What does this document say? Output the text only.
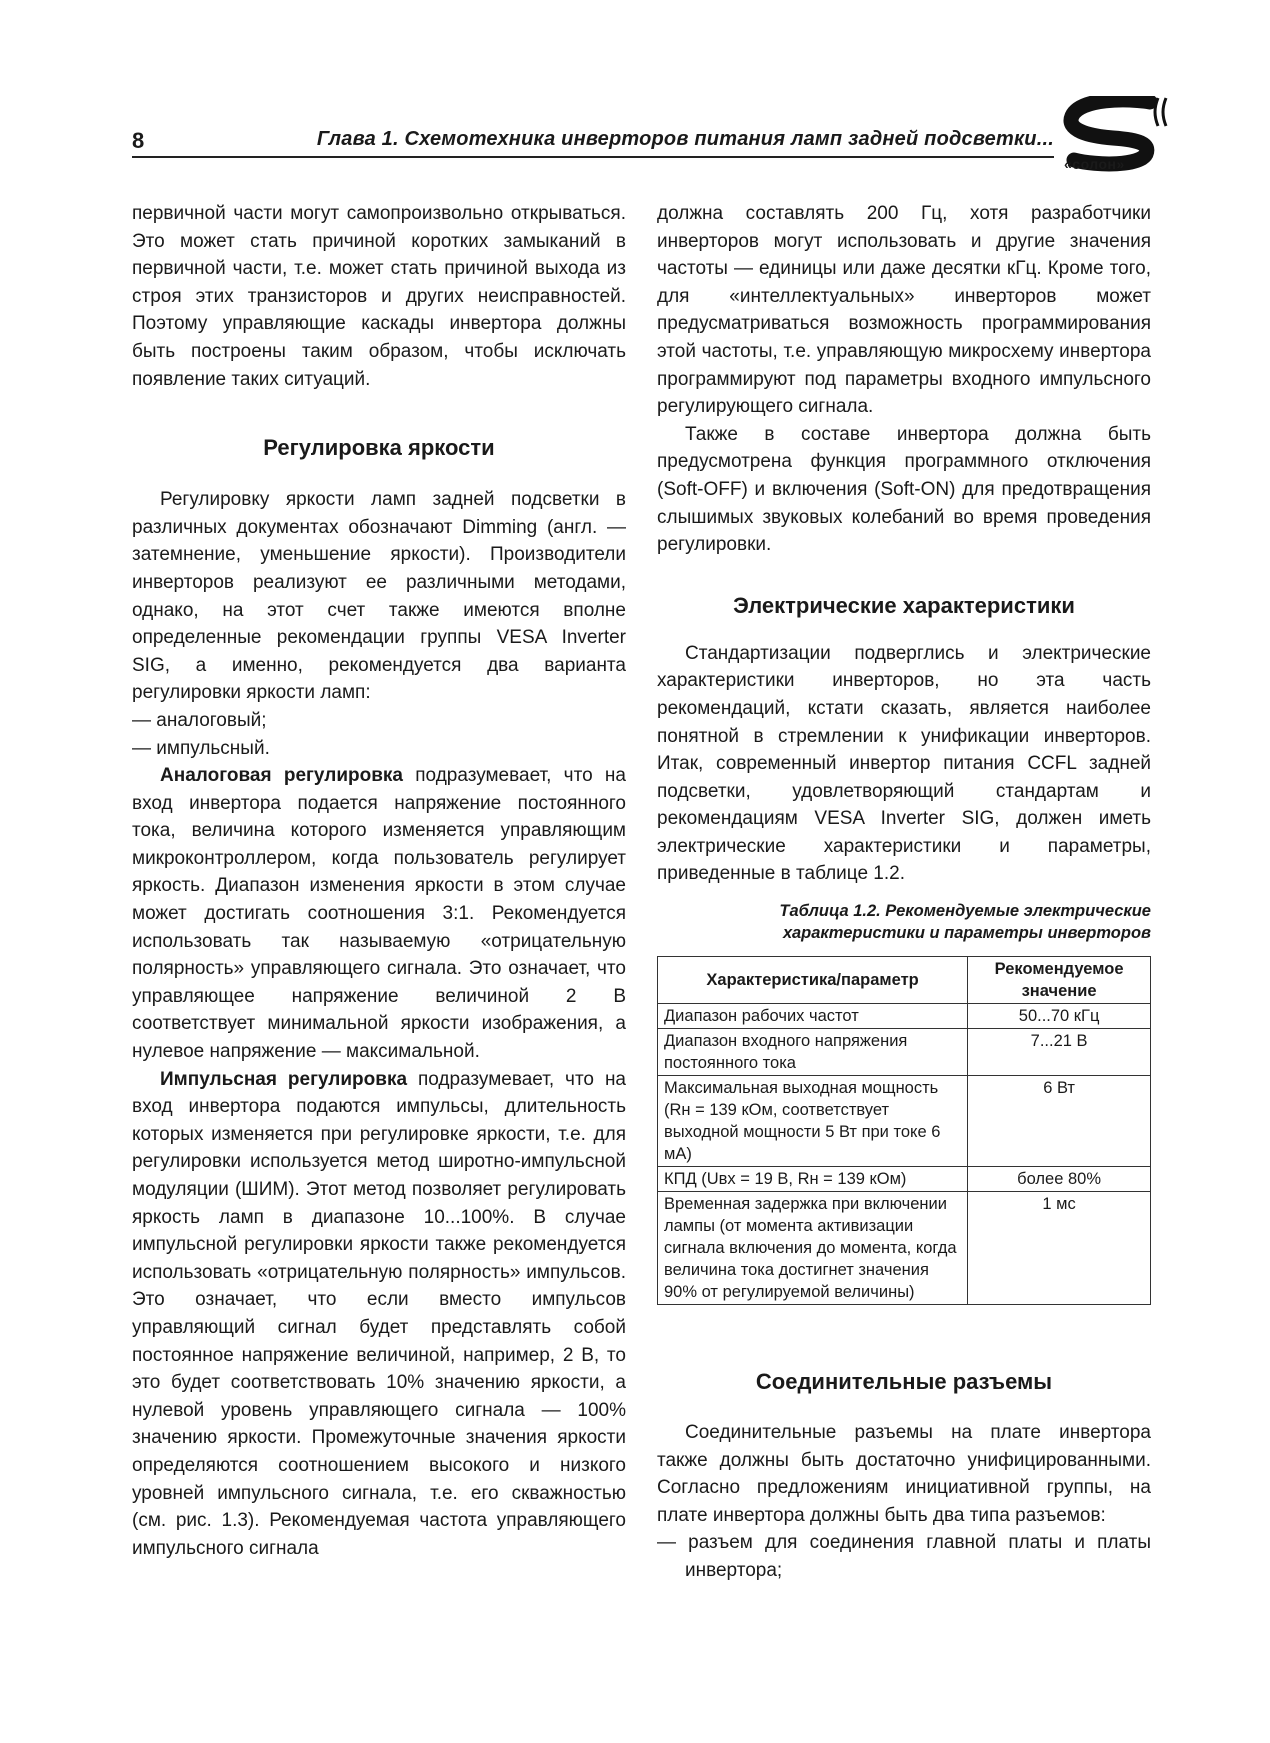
8	Глава 1. Схемотехника инверторов питания ламп задней подсветки...
«солон»

первичной части могут самопроизвольно открываться. Это может стать причиной коротких замыканий в первичной части, т.е. может стать причиной выхода из строя этих транзисторов и других неисправностей. Поэтому управляющие каскады инвертора должны быть построены таким образом, чтобы исключать появление таких ситуаций.

Регулировка яркости

Регулировку яркости ламп задней подсветки в различных документах обозначают Dimming (англ. — затемнение, уменьшение яркости). Производители инверторов реализуют ее различными методами, однако, на этот счет также имеются вполне определенные рекомендации группы VESA Inverter SIG, а именно, рекомендуется два варианта регулировки яркости ламп:

— аналоговый;

— импульсный.

Аналоговая регулировка подразумевает, что на вход инвертора подается напряжение постоянного тока, величина которого изменяется управляющим микроконтроллером, когда пользователь регулирует яркость. Диапазон изменения яркости в этом случае может достигать соотношения 3:1. Рекомендуется использовать так называемую «отрицательную полярность» управляющего сигнала. Это означает, что управляющее напряжение величиной 2 В соответствует минимальной яркости изображения, а нулевое напряжение — максимальной.

Импульсная регулировка подразумевает, что на вход инвертора подаются импульсы, длительность которых изменяется при регулировке яркости, т.е. для регулировки используется метод широтно-импульсной модуляции (ШИМ). Этот метод позволяет регулировать яркость ламп в диапазоне 10...100%. В случае импульсной регулировки яркости также рекомендуется использовать «отрицательную полярность» импульсов. Это означает, что если вместо импульсов управляющий сигнал будет представлять собой постоянное напряжение величиной, например, 2 В, то это будет соответствовать 10% значению яркости, а нулевой уровень управляющего сигнала — 100% значению яркости. Промежуточные значения яркости определяются соотношением высокого и низкого уровней импульсного сигнала, т.е. его скважностью (см. рис. 1.3). Рекомендуемая частота управляющего импульсного сигнала

должна составлять 200 Гц, хотя разработчики инверторов могут использовать и другие значения частоты — единицы или даже десятки кГц. Кроме того, для «интеллектуальных» инверторов может предусматриваться возможность программирования этой частоты, т.е. управляющую микросхему инвертора программируют под параметры входного импульсного регулирующего сигнала.

Также в составе инвертора должна быть предусмотрена функция программного отключения (Soft-OFF) и включения (Soft-ON) для предотвращения слышимых звуковых колебаний во время проведения регулировки.

Электрические характеристики

Стандартизации подверглись и электрические характеристики инверторов, но эта часть рекомендаций, кстати сказать, является наиболее понятной в стремлении к унификации инверторов. Итак, современный инвертор питания CCFL задней подсветки, удовлетворяющий стандартам и рекомендациям VESA Inverter SIG, должен иметь электрические характеристики и параметры, приведенные в таблице 1.2.

Таблица 1.2. Рекомендуемые электрические
характеристики и параметры инверторов

Характеристика/параметр	Рекомендуемое значение
Диапазон рабочих частот	50...70 кГц
Диапазон входного напряжения постоянного тока	7...21 В
Максимальная выходная мощность (Rн = 139 кОм, соответствует выходной мощности 5 Вт при токе 6 мА)	6 Вт
КПД (Uвх = 19 В, Rн = 139 кОм)	более 80%
Временная задержка при включении лампы (от момента активизации сигнала включения до момента, когда величина тока достигнет значения 90% от регулируемой величины)	1 мс
Соединительные разъемы

Соединительные разъемы на плате инвертора также должны быть достаточно унифицированными. Согласно предложениям инициативной группы, на плате инвертора должны быть два типа разъемов:

— разъем для соединения главной платы и платы инвертора;
